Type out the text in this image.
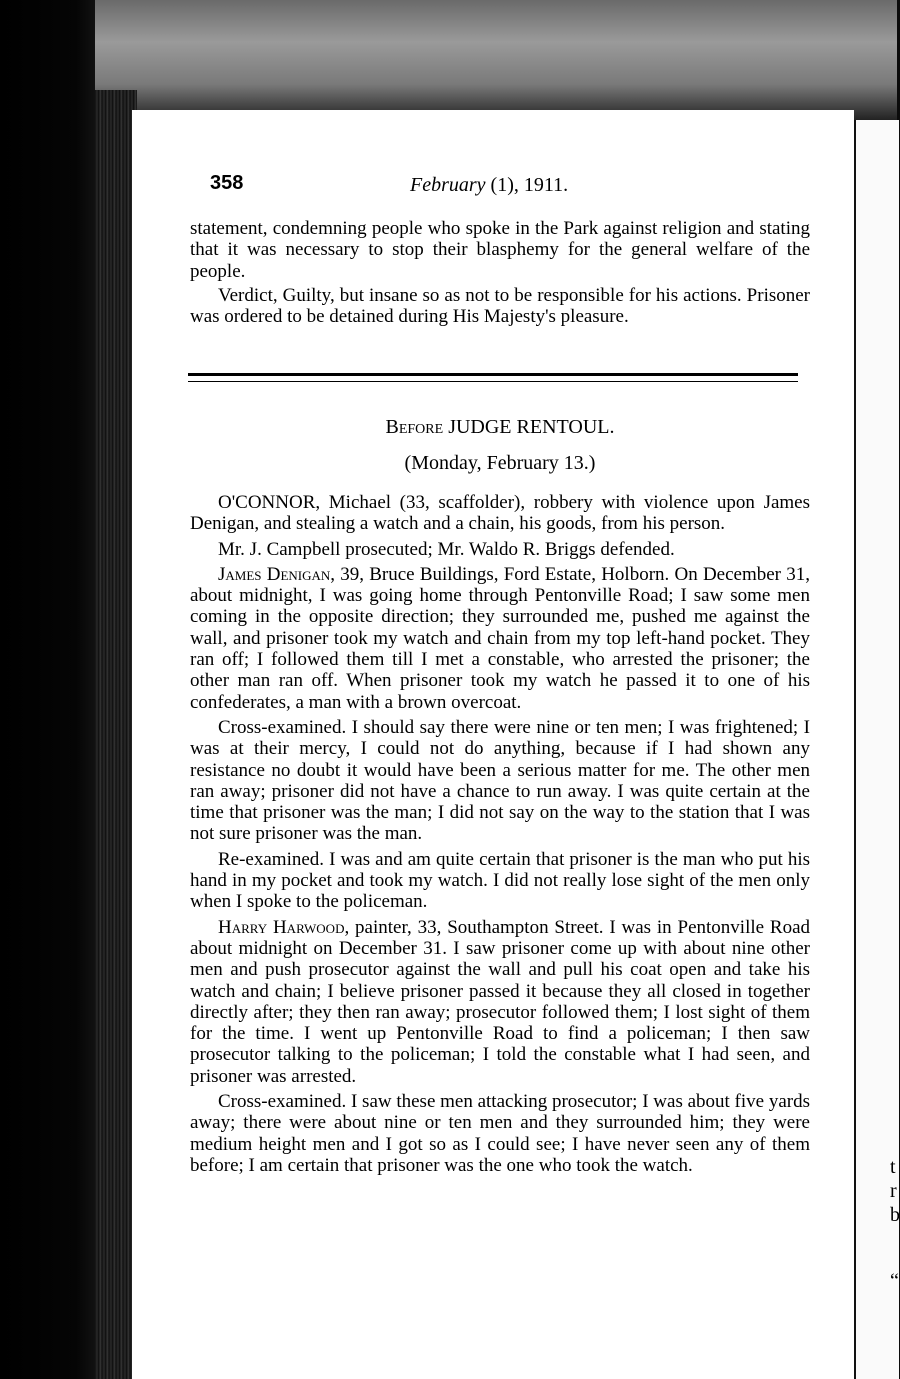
t
r
b
“
358	February (1), 1911.

statement, condemning people who spoke in the Park against religion and stating that it was necessary to stop their blasphemy for the general welfare of the people.

Verdict, Guilty, but insane so as not to be responsible for his actions. Prisoner was ordered to be detained during His Majesty's pleasure.

Before JUDGE RENTOUL.
(Monday, February 13.)

O'CONNOR, Michael (33, scaffolder), robbery with violence upon James Denigan, and stealing a watch and a chain, his goods, from his person.

Mr. J. Campbell prosecuted; Mr. Waldo R. Briggs defended.

James Denigan, 39, Bruce Buildings, Ford Estate, Holborn. On December 31, about midnight, I was going home through Pentonville Road; I saw some men coming in the opposite direction; they surrounded me, pushed me against the wall, and prisoner took my watch and chain from my top left-hand pocket. They ran off; I followed them till I met a constable, who arrested the prisoner; the other man ran off. When prisoner took my watch he passed it to one of his confederates, a man with a brown overcoat.

Cross-examined. I should say there were nine or ten men; I was frightened; I was at their mercy, I could not do anything, because if I had shown any resistance no doubt it would have been a serious matter for me. The other men ran away; prisoner did not have a chance to run away. I was quite certain at the time that prisoner was the man; I did not say on the way to the station that I was not sure prisoner was the man.

Re-examined. I was and am quite certain that prisoner is the man who put his hand in my pocket and took my watch. I did not really lose sight of the men only when I spoke to the policeman.

Harry Harwood, painter, 33, Southampton Street. I was in Pentonville Road about midnight on December 31. I saw prisoner come up with about nine other men and push prosecutor against the wall and pull his coat open and take his watch and chain; I believe prisoner passed it because they all closed in together directly after; they then ran away; prosecutor followed them; I lost sight of them for the time. I went up Pentonville Road to find a policeman; I then saw prosecutor talking to the policeman; I told the constable what I had seen, and prisoner was arrested.

Cross-examined. I saw these men attacking prosecutor; I was about five yards away; there were about nine or ten men and they surrounded him; they were medium height men and I got so as I could see; I have never seen any of them before; I am certain that prisoner was the one who took the watch.
